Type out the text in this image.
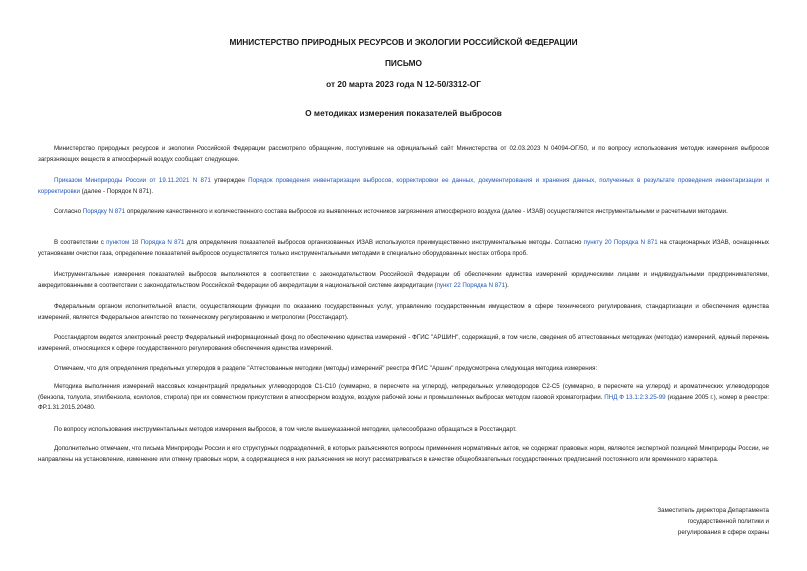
МИНИСТЕРСТВО ПРИРОДНЫХ РЕСУРСОВ И ЭКОЛОГИИ РОССИЙСКОЙ ФЕДЕРАЦИИ
ПИСЬМО
от 20 марта 2023 года N 12-50/3312-ОГ
О методиках измерения показателей выбросов

Министерство природных ресурсов и экологии Российской Федерации рассмотрело обращение, поступившее на официальный сайт Министерства от 02.03.2023 N 04094-ОГ/50, и по вопросу использования методик измерения выбросов загрязняющих веществ в атмосферный воздух сообщает следующее.

Приказом Минприроды России от 19.11.2021 N 871 утвержден Порядок проведения инвентаризации выбросов, корректировки ее данных, документирования и хранения данных, полученных в результате проведения инвентаризации и корректировки (далее - Порядок N 871).

Согласно Порядку N 871 определение качественного и количественного состава выбросов из выявленных источников загрязнения атмосферного воздуха (далее - ИЗАВ) осуществляется инструментальными и расчетными методами.

В соответствии с пунктом 18 Порядка N 871 для определения показателей выбросов организованных ИЗАВ используются преимущественно инструментальные методы. Согласно пункту 20 Порядка N 871 на стационарных ИЗАВ, оснащенных установками очистки газа, определение показателей выбросов осуществляется только инструментальными методами в специально оборудованных местах отбора проб.

Инструментальные измерения показателей выбросов выполняются в соответствии с законодательством Российской Федерации об обеспечении единства измерений юридическими лицами и индивидуальными предпринимателями, аккредитованными в соответствии с законодательством Российской Федерации об аккредитации в национальной системе аккредитации (пункт 22 Порядка N 871).

Федеральным органом исполнительной власти, осуществляющим функции по оказанию государственных услуг, управлению государственным имуществом в сфере технического регулирования, стандартизации и обеспечения единства измерений, является Федеральное агентство по техническому регулированию и метрологии (Росстандарт).

Росстандартом ведется электронный реестр Федеральный информационный фонд по обеспечению единства измерений - ФГИС "АРШИН", содержащий, в том числе, сведения об аттестованных методиках (методах) измерений, единый перечень измерений, относящихся к сфере государственного регулирования обеспечения единства измерений.

Отмечаем, что для определения предельных углеродов в разделе "Аттестованные методики (методы) измерений" реестра ФГИС "Аршин" предусмотрена следующая методика измерения:

Методика выполнения измерений массовых концентраций предельных углеводородов С1-С10 (суммарно, в пересчете на углерод), непредельных углеводородов С2-С5 (суммарно, в пересчете на углерод) и ароматических углеводородов (бензола, толуола, этилбензола, ксилолов, стирола) при их совместном присутствии в атмосферном воздухе, воздухе рабочей зоны и промышленных выбросах методом газовой хроматографии. ПНД Ф 13.1:2:3.25-99 (издание 2005 г.), номер в реестре: ФР.1.31.2015.20480.

По вопросу использования инструментальных методов измерения выбросов, в том числе вышеуказанной методики, целесообразно обращаться в Росстандарт.

Дополнительно отмечаем, что письма Минприроды России и его структурных подразделений, в которых разъясняются вопросы применения нормативных актов, не содержат правовых норм, являются экспертной позицией Минприроды России, не направлены на установление, изменение или отмену правовых норм, а содержащиеся в них разъяснения не могут рассматриваться в качестве общеобязательных государственных предписаний постоянного или временного характера.

Заместитель директора Департамента
государственной политики и
регулирования в сфере охраны
